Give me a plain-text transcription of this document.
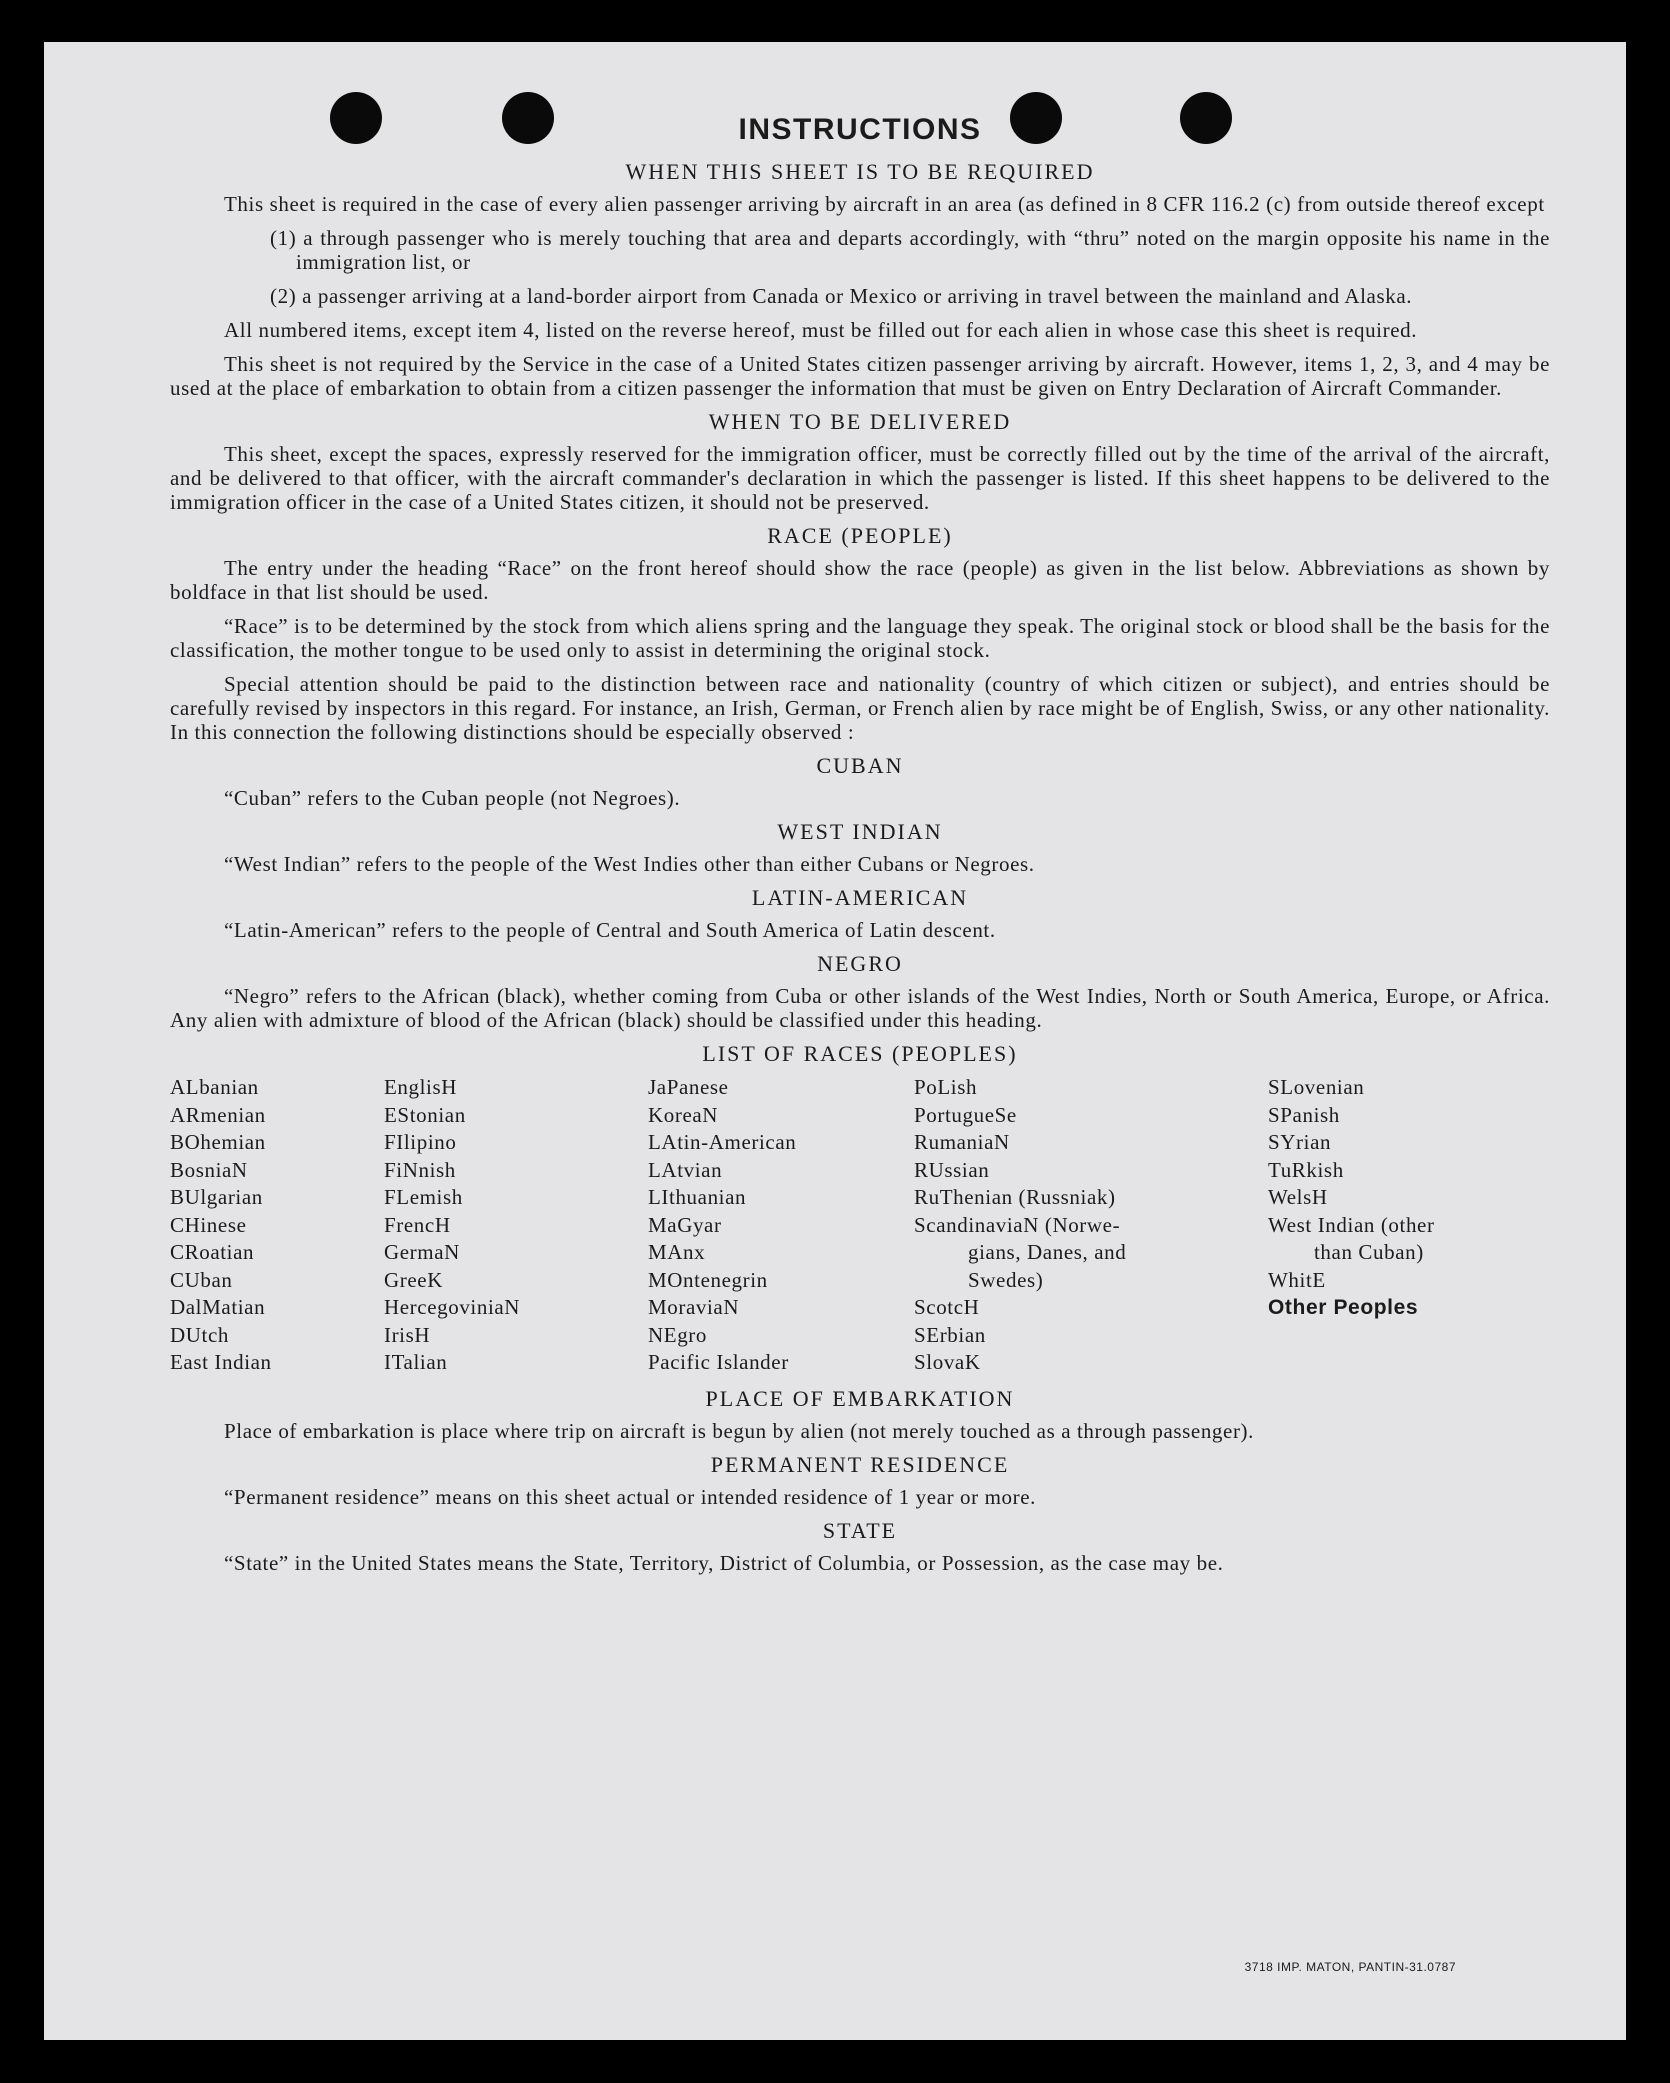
INSTRUCTIONS
WHEN THIS SHEET IS TO BE REQUIRED

This sheet is required in the case of every alien passenger arriving by aircraft in an area (as defined in 8 CFR 116.2 (c) from outside thereof except

(1) a through passenger who is merely touching that area and departs accordingly, with “thru” noted on the margin opposite his name in the immigration list, or

(2) a passenger arriving at a land-border airport from Canada or Mexico or arriving in travel between the mainland and Alaska.

All numbered items, except item 4, listed on the reverse hereof, must be filled out for each alien in whose case this sheet is required.

This sheet is not required by the Service in the case of a United States citizen passenger arriving by aircraft. However, items 1, 2, 3, and 4 may be used at the place of embarkation to obtain from a citizen passenger the information that must be given on Entry Declaration of Aircraft Commander.

WHEN TO BE DELIVERED

This sheet, except the spaces, expressly reserved for the immigration officer, must be correctly filled out by the time of the arrival of the aircraft, and be delivered to that officer, with the aircraft commander's declaration in which the passenger is listed. If this sheet happens to be delivered to the immigration officer in the case of a United States citizen, it should not be preserved.

RACE (PEOPLE)

The entry under the heading “Race” on the front hereof should show the race (people) as given in the list below. Abbreviations as shown by boldface in that list should be used.

“Race” is to be determined by the stock from which aliens spring and the language they speak. The original stock or blood shall be the basis for the classification, the mother tongue to be used only to assist in determining the original stock.

Special attention should be paid to the distinction between race and nationality (country of which citizen or subject), and entries should be carefully revised by inspectors in this regard. For instance, an Irish, German, or French alien by race might be of English, Swiss, or any other nationality. In this connection the following distinctions should be especially observed :

CUBAN

“Cuban” refers to the Cuban people (not Negroes).

WEST INDIAN

“West Indian” refers to the people of the West Indies other than either Cubans or Negroes.

LATIN-AMERICAN

“Latin-American” refers to the people of Central and South America of Latin descent.

NEGRO

“Negro” refers to the African (black), whether coming from Cuba or other islands of the West Indies, North or South America, Europe, or Africa. Any alien with admixture of blood of the African (black) should be classified under this heading.

LIST OF RACES (PEOPLES)
ALbanian
ARmenian
BOhemian
BosniaN
BUlgarian
CHinese
CRoatian
CUban
DalMatian
DUtch
East Indian
EnglisH
EStonian
FIlipino
FiNnish
FLemish
FrencH
GermaN
GreeK
HercegoviniaN
IrisH
ITalian
JaPanese
KoreaN
LAtin-American
LAtvian
LIthuanian
MaGyar
MAnx
MOntenegrin
MoraviaN
NEgro
Pacific Islander
PoLish
PortugueSe
RumaniaN
RUssian
RuThenian (Russniak)
ScandinaviaN (Norwe-
gians, Danes, and
Swedes)
ScotcH
SErbian
SlovaK
SLovenian
SPanish
SYrian
TuRkish
WelsH
West Indian (other
than Cuban)
WhitE
Other Peoples
PLACE OF EMBARKATION

Place of embarkation is place where trip on aircraft is begun by alien (not merely touched as a through passenger).

PERMANENT RESIDENCE

“Permanent residence” means on this sheet actual or intended residence of 1 year or more.

STATE

“State” in the United States means the State, Territory, District of Columbia, or Possession, as the case may be.

3718 IMP. MATON, PANTIN-31.0787
